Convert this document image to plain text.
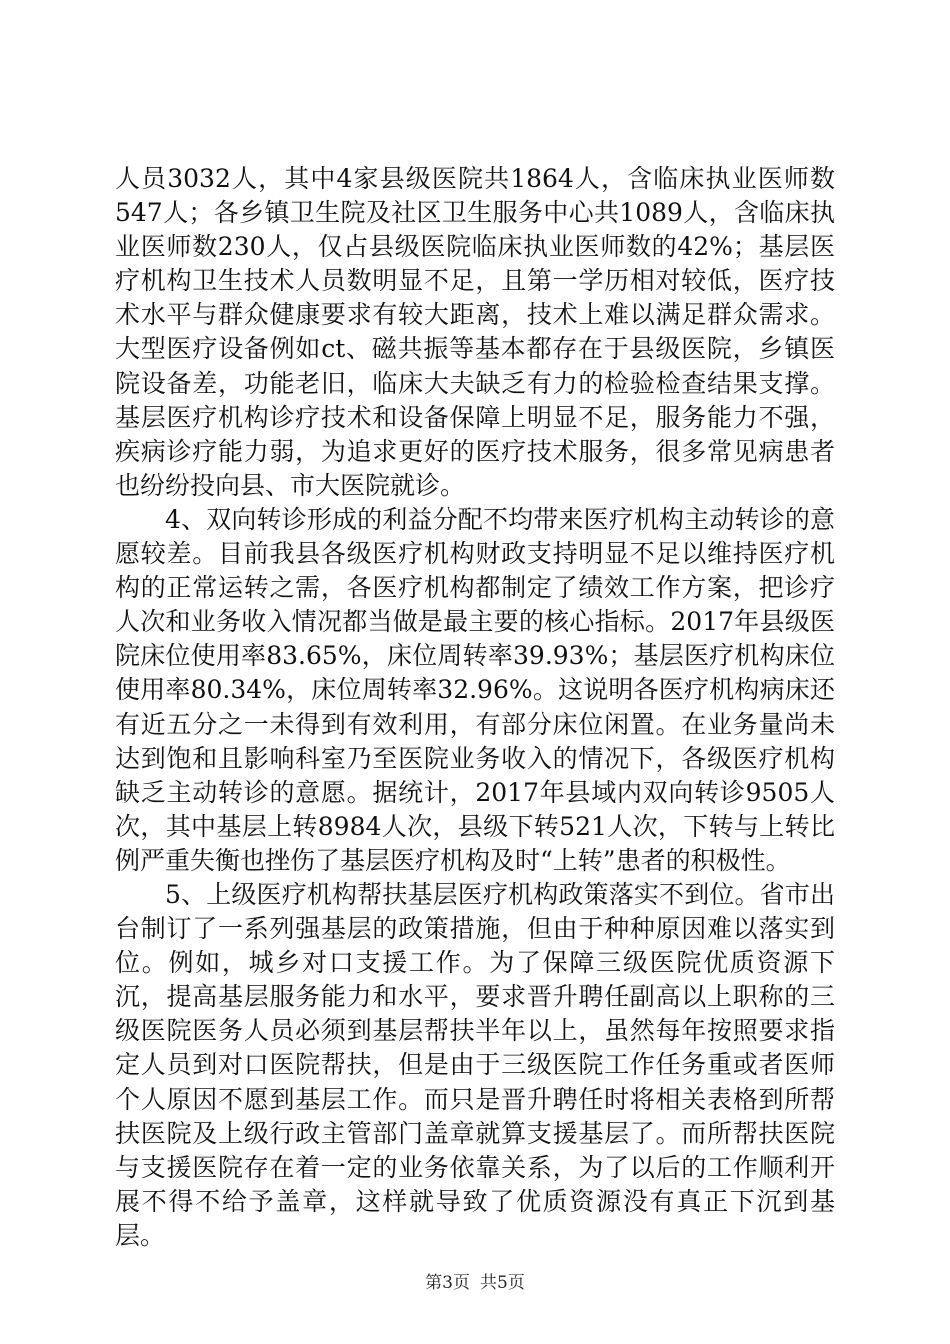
人员3032人，其中4家县级医院共1864人，含临床执业医师数547人；各乡镇卫生院及社区卫生服务中心共1089人，含临床执业医师数230人，仅占县级医院临床执业医师数的42%；基层医疗机构卫生技术人员数明显不足，且第一学历相对较低，医疗技术水平与群众健康要求有较大距离，技术上难以满足群众需求。大型医疗设备例如ct、磁共振等基本都存在于县级医院，乡镇医院设备差，功能老旧，临床大夫缺乏有力的检验检查结果支撑。基层医疗机构诊疗技术和设备保障上明显不足，服务能力不强，疾病诊疗能力弱，为追求更好的医疗技术服务，很多常见病患者也纷纷投向县、市大医院就诊。

4、双向转诊形成的利益分配不均带来医疗机构主动转诊的意愿较差。目前我县各级医疗机构财政支持明显不足以维持医疗机构的正常运转之需，各医疗机构都制定了绩效工作方案，把诊疗人次和业务收入情况都当做是最主要的核心指标。2017年县级医院床位使用率83.65%，床位周转率39.93%；基层医疗机构床位使用率80.34%，床位周转率32.96%。这说明各医疗机构病床还有近五分之一未得到有效利用，有部分床位闲置。在业务量尚未达到饱和且影响科室乃至医院业务收入的情况下，各级医疗机构缺乏主动转诊的意愿。据统计，2017年县域内双向转诊9505人次，其中基层上转8984人次，县级下转521人次，下转与上转比例严重失衡也挫伤了基层医疗机构及时“上转”患者的积极性。

5、上级医疗机构帮扶基层医疗机构政策落实不到位。省市出台制订了一系列强基层的政策措施，但由于种种原因难以落实到位。例如，城乡对口支援工作。为了保障三级医院优质资源下沉，提高基层服务能力和水平，要求晋升聘任副高以上职称的三级医院医务人员必须到基层帮扶半年以上，虽然每年按照要求指定人员到对口医院帮扶，但是由于三级医院工作任务重或者医师个人原因不愿到基层工作。而只是晋升聘任时将相关表格到所帮扶医院及上级行政主管部门盖章就算支援基层了。而所帮扶医院与支援医院存在着一定的业务依靠关系，为了以后的工作顺利开展不得不给予盖章，这样就导致了优质资源没有真正下沉到基层。

第3页 共5页
